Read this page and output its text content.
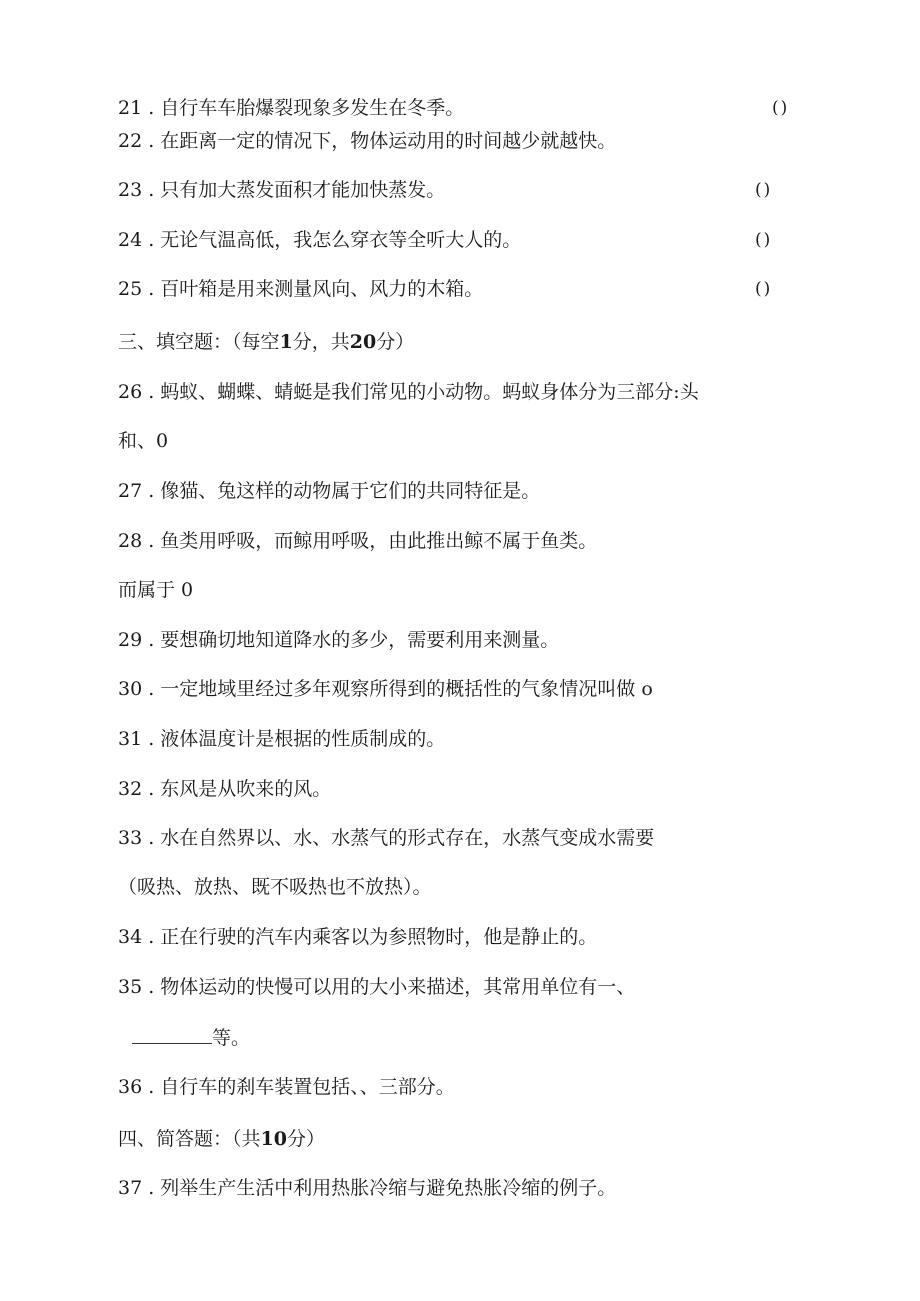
21 . 自行车车胎爆裂现象多发生在冬季。	()
22 . 在距离一定的情况下，物体运动用的时间越少就越快。
23 . 只有加大蒸发面积才能加快蒸发。	()
24 . 无论气温高低，我怎么穿衣等全听大人的。	()
25 . 百叶箱是用来测量风向、风力的木箱。	()
三、填空题：（每空1分，共20分）
26 . 蚂蚁、蝴蝶、蜻蜓是我们常见的小动物。蚂蚁身体分为三部分:头
和、0
27 . 像猫、兔这样的动物属于它们的共同特征是。
28 . 鱼类用呼吸，而鲸用呼吸，由此推出鲸不属于鱼类。
而属于 0
29 . 要想确切地知道降水的多少，需要利用来测量。
30 . 一定地域里经过多年观察所得到的概括性的气象情况叫做 o
31 . 液体温度计是根据的性质制成的。
32 . 东风是从吹来的风。
33 . 水在自然界以、水、水蒸气的形式存在，水蒸气变成水需要
（吸热、放热、既不吸热也不放热）。
34 . 正在行驶的汽车内乘客以为参照物时，他是静止的。
35 . 物体运动的快慢可以用的大小来描述，其常用单位有一、
等。
36 . 自行车的刹车装置包括、、三部分。
四、简答题：（共10分）
37 . 列举生产生活中利用热胀冷缩与避免热胀冷缩的例子。
